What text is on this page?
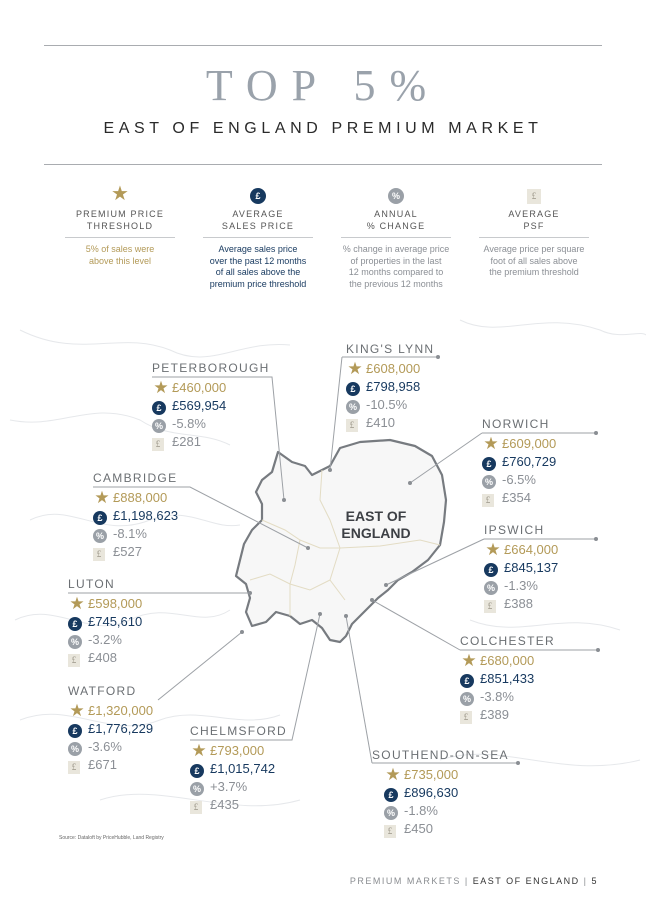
TOP 5%
EAST OF ENGLAND PREMIUM MARKET
★
PREMIUM PRICE
THRESHOLD
5% of sales were
above this level
£
AVERAGE
SALES PRICE
Average sales price
over the past 12 months
of all sales above the
premium price threshold
%
ANNUAL
% CHANGE
% change in average price
of properties in the last
12 months compared to
the previous 12 months
£
AVERAGE
PSF
Average price per square
foot of all sales above
the premium threshold
EAST OF
ENGLAND
PETERBOROUGH
★ £460,000
£ £569,954
% -5.8%
£ £281
KING'S LYNN
★ £608,000
£ £798,958
% -10.5%
£ £410	NORWICH
★ £609,000
£ £760,729
% -6.5%
£ £354
CAMBRIDGE
★ £888,000
£ £1,198,623
% -8.1%
£ £527
IPSWICH
★ £664,000
£ £845,137
% -1.3%
£ £388
LUTON
★ £598,000
£ £745,610
% -3.2%
£ £408
COLCHESTER
★ £680,000
£ £851,433
% -3.8%
£ £389
WATFORD
★ £1,320,000
£ £1,776,229
% -3.6%
£ £671
CHELMSFORD
★ £793,000
£ £1,015,742
% +3.7%
£ £435
SOUTHEND-ON-SEA
★ £735,000
£ £896,630
% -1.8%
£ £450
Source: Dataloft by PriceHubble, Land Registry
PREMIUM MARKETS | EAST OF ENGLAND | 5
